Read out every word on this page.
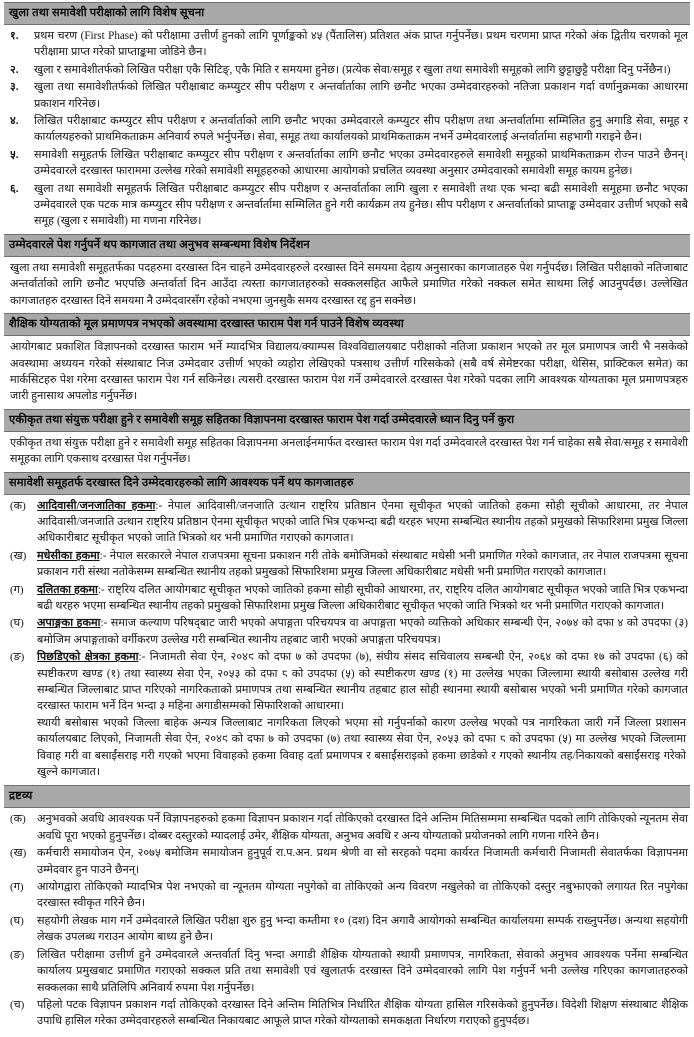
खुला तथा समावेशी परीक्षाको लागि विशेष सूचना
१.	प्रथम चरण (First Phase) को परीक्षामा उत्तीर्ण हुनको लागि पूर्णाङ्कको ४५ (पैंतालिस) प्रतिशत अंक प्राप्त गर्नुपर्नेछ। प्रथम चरणमा प्राप्त गरेको अंक द्वितीय चरणको मूल परीक्षामा प्राप्त गरेको प्राप्ताङ्कमा जोडिने छैन।
२.	खुला र समावेशीतर्फको लिखित परीक्षा एकै सिटिङ्, एकै मिति र समयमा हुनेछ। (प्रत्येक सेवा/समूह र खुला तथा समावेशी समूहको लागि छुट्टाछुट्टै परीक्षा दिनु पर्नेछैन।)
३.	खुला तथा समावेशीतर्फको लिखित परीक्षाबाट कम्प्युटर सीप परीक्षण र अन्तर्वार्ताका लागि छनौट भएका उम्मेदवारहरुको नतिजा प्रकाशन गर्दा वर्णानुक्रमका आधारमा प्रकाशन गरिनेछ।
४.	लिखित परीक्षाबाट कम्प्युटर सीप परीक्षण र अन्तर्वार्ताको लागि छनौट भएका उम्मेदवारले कम्प्युटर सीप परीक्षण तथा अन्तर्वार्तामा सम्मिलित हुनु अगाडि सेवा, समूह र कार्यालयहरुको प्राथमिकताक्रम अनिवार्य रुपले भर्नुपर्नेछ। सेवा, समूह तथा कार्यालयको प्राथमिकताक्रम नभर्ने उम्मेदवारलाई अन्तर्वार्तामा सहभागी गराइने छैन।
५.	समावेशी समूहतर्फ लिखित परीक्षाबाट कम्प्युटर सीप परीक्षण र अन्तर्वार्ताका लागि छनौट भएका उम्मेदवारहरुले समावेशी समूहको प्राथमिकताक्रम रोज्न पाउने छैनन्। उम्मेदवारले दरखास्त फाराममा उल्लेख गरेको समावेशी समूहहरुको आधारमा आयोगको प्रचलित व्यवस्था अनुसार उम्मेदवारको समावेशी समूह कायम हुनेछ।
६.	खुला तथा समावेशी समूहतर्फ लिखित परीक्षाबाट कम्प्युटर सीप परीक्षण र अन्तर्वार्ताका लागि खुला र समावेशी तथा एक भन्दा बढी समावेशी समूहमा छनौट भएका उम्मेदवारले एक पटक मात्र कम्प्युटर सीप परीक्षण र अन्तर्वार्तामा सम्मिलित हुने गरी कार्यक्रम तय हुनेछ। सीप परीक्षण र अन्तर्वार्ताको प्राप्ताङ्क उम्मेदवार उत्तीर्ण भएको सबै समूह (खुला र समावेशी) मा गणना गरिनेछ।
उम्मेदवारले पेश गर्नुपर्ने थप कागजात तथा अनुभव सम्बन्धमा विशेष निर्देशन

खुला तथा समावेशी समूहतर्फका पदहरुमा दरखास्त दिन चाहने उम्मेदवारहरुले दरखास्त दिने समयमा देहाय अनुसारका कागजातहरु पेश गर्नुपर्दछ। लिखित परीक्षाको नतिजाबाट अन्तर्वार्ताको लागि छनौट भएपछि अन्तर्वार्ता दिन आउँदा त्यस्ता कागजातहरुको सक्कलसहित आफैले प्रमाणित गरेको नक्कल समेत साथमा लिई आउनुपर्दछ। उल्लेखित कागजातहरु दरखास्त दिने समयमा नै उम्मेदवारसँग रहेको नभएमा जुनसुकै समय दरखास्त रद्द हुन सक्नेछ।

शैक्षिक योग्यताको मूल प्रमाणपत्र नभएको अवस्थामा दरखास्त फाराम पेश गर्न पाउने विशेष व्यवस्था

आयोगबाट प्रकाशित विज्ञापनको दरखास्त फाराम भर्ने म्यादभित्र विद्यालय/क्याम्पस विश्वविद्यालयबाट परीक्षाको नतिजा प्रकाशन भएको तर मूल प्रमाणपत्र जारी भै नसकेको अवस्थामा अध्ययन गरेको संस्थाबाट निज उम्मेदवार उत्तीर्ण भएको व्यहोरा लेखिएको पत्रसाथ उत्तीर्ण गरिसकेको (सबै वर्ष सेमेष्टरका परीक्षा, थेसिस, प्राक्टिकल समेत) का मार्कसिटहरु पेश गरेमा दरखास्त फाराम पेश गर्न सकिनेछ। त्यसरी दरखास्त फाराम पेश गर्ने उम्मेदवारले दरखास्त पेश गरेको पदका लागि आवश्यक योग्यताका मूल प्रमाणपत्रहरु जारी हुनासाथ अपलोड गर्नुपर्नेछ।

एकीकृत तथा संयुक्त परीक्षा हुने र समावेशी समूह सहितका विज्ञापनमा दरखास्त फाराम पेश गर्दा उम्मेदवारले ध्यान दिनु पर्ने कुरा

एकीकृत तथा संयुक्त परीक्षा हुने र समावेशी समूह सहितका विज्ञापनमा अनलाईनमार्फत दरखास्त फाराम पेश गर्दा उम्मेदवारले दरखास्त पेश गर्न चाहेका सबै सेवा/समूह र समावेशी समूहका लागि एकसाथ दरखास्त पेश गर्नुपर्नेछ।

समावेशी समूहतर्फ दरखास्त दिने उम्मेदवारहरुको लागि आवश्यक पर्ने थप कागजातहरु
(क)	आदिवासी/जनजातिका हकमा:- नेपाल आदिवासी/जनजाति उत्थान राष्ट्रिय प्रतिष्ठान ऐनमा सूचीकृत भएको जातिको हकमा सोही सूचीको आधारमा, तर नेपाल आदिवासी/जनजाति उत्थान राष्ट्रिय प्रतिष्ठान ऐनमा सूचीकृत भएको जाति भित्र एकभन्दा बढी थरहरु भएमा सम्बन्धित स्थानीय तहको प्रमुखको सिफारिशमा प्रमुख जिल्ला अधिकारीबाट सूचीकृत भएको जाति भित्रको थर भनी प्रमाणित गराएको कागजात।
(ख) मधेसीका हकमा:- नेपाल सरकारले नेपाल राजपत्रमा सूचना प्रकाशन गरी तोके बमोजिमको संस्थाबाट मधेसी भनी प्रमाणित गरेको कागजात, तर नेपाल राजपत्रमा सूचना प्रकाशन गरी संस्था नतोकेसम्म सम्बन्धित स्थानीय तहको प्रमुखको सिफारिशमा प्रमुख जिल्ला अधिकारीबाट मधेसी भनी प्रमाणित गराएको कागजात।
(ग)	दलितका हकमा:- राष्ट्रिय दलित आयोगबाट सूचीकृत भएको जातिको हकमा सोही सूचीको आधारमा, तर, राष्ट्रिय दलित आयोगबाट सूचीकृत भएको जाति भित्र एकभन्दा बढी थरहरु भएमा सम्बन्धित स्थानीय तहको प्रमुखको सिफारिशमा प्रमुख जिल्ला अधिकारीबाट सूचीकृत भएको जाति भित्रको थर भनी प्रमाणित गराएको कागजात।
(घ)	अपाङ्गका हकमा:- समाज कल्याण परिषद्‌बाट जारी भएको अपाङ्गता परिचयपत्र वा अपाङ्गता भएको व्यक्तिको अधिकार सम्बन्धी ऐन, २०७४ को दफा ४ को उपदफा (३) बमोजिम अपाङ्गताको वर्गीकरण उल्लेख गरी सम्बन्धित स्थानीय तहबाट जारी भएको अपाङ्गता परिचयपत्र।
(ङ)	पिछडिएको क्षेत्रका हकमा:- निजामती सेवा ऐन, २०४९ को दफा ७ को उपदफा (७), संघीय संसद सचिवालय सम्बन्धी ऐन, २०६४ को दफा १७ को उपदफा (६) को स्पष्टीकरण खण्ड (१) तथा स्वास्थ्य सेवा ऐन, २०५३ को दफा ८ को उपदफा (५) को स्पष्टीकरण खण्ड (१) मा उल्लेख भएका जिल्लामा स्थायी बसोबास उल्लेख गरी सम्बन्धित जिल्लाबाट प्राप्त गरिएको नागरिकताको प्रमाणपत्र तथा सम्बन्धित स्थानीय तहबाट हाल सोही स्थानमा स्थायी बसोबास भएको भनी प्रमाणित गरेको कागजात दरखास्त फाराम भर्ने दिन भन्दा ३ महिना अगाडीसम्मको सिफारिशको आधारमा।
स्थायी बसोबास भएको जिल्ला बाहेक अन्यत्र जिल्लाबाट नागरिकता लिएको भएमा सो गर्नुपर्नाको कारण उल्लेख भएको पत्र नागरिकता जारी गर्ने जिल्ला प्रशासन कार्यालयबाट लिएको, निजामती सेवा ऐन, २०४९ को दफा ७ को उपदफा (७) तथा स्वास्थ्य सेवा ऐन, २०५३ को दफा ८ को उपदफा (५) मा उल्लेख भएको जिल्लामा विवाह गरी वा बसाईंसराइ गरी गएको भएमा विवाहको हकमा विवाह दर्ता प्रमाणपत्र र बसाईंसराइको हकमा छाडेको र गएको स्थानीय तह/निकायको बसाईंसराइ गरेको खुल्ने कागजात।
द्रष्टव्य
(क)	अनुभवको अवधि आवश्यक पर्ने विज्ञापनहरुको हकमा विज्ञापन प्रकाशन गर्दा तोकिएको दरखास्त दिने अन्तिम मितिसम्ममा सम्बन्धित पदको लागि तोकिएको न्यूनतम सेवा अवधि पूरा भएको हुनुपर्नेछ। दोब्बर दस्तुरको म्यादलाई उमेर, शैक्षिक योग्यता, अनुभव अवधि र अन्य योग्यताको प्रयोजनको लागि गणना गरिने छैन।
(ख) कर्मचारी समायोजन ऐन, २०७५ बमोजिम समायोजन हुनुपूर्व रा.प.अन. प्रथम श्रेणी वा सो सरहको पदमा कार्यरत निजामती कर्मचारी निजामती सेवातर्फका विज्ञापनमा उम्मेदवार हुन पाउने छैनन्।
(ग)	आयोगद्वारा तोकिएको म्यादभित्र पेश नभएको वा न्यूनतम योग्यता नपुगेको वा तोकिएको अन्य विवरण नखुलेको वा तोकिएको दस्तुर नबुझाएको लगायत रित नपुगेका दरखास्त स्वीकृत गरिने छैन।
(घ)	सहयोगी लेखक माग गर्ने उम्मेदवारले लिखित परीक्षा शुरु हुनु भन्दा कम्तीमा १० (दश) दिन अगावै आयोगको सम्बन्धित कार्यालयमा सम्पर्क राख्नुपर्नेछ। अन्यथा सहयोगी लेखक उपलब्ध गराउन आयोग बाध्य हुने छैन।
(ङ)	लिखित परीक्षामा उत्तीर्ण हुने उम्मेदवारले अन्तर्वार्ता दिनु भन्दा अगाडी शैक्षिक योग्यताको स्थायी प्रमाणपत्र, नागरिकता, सेवाको अनुभव आवश्यक पर्नेमा सम्बन्धित कार्यालय प्रमुखबाट प्रमाणित गराएको सक्कल प्रति तथा समावेशी एवं खुलातर्फ दरखास्त दिने उम्मेदवारको लागि पेश गर्नुपर्ने भनी उल्लेख गरिएका कागजातहरुको सक्कलका साथै प्रतिलिपि अनिवार्य रुपमा पेश गर्नुपर्नेछ।
(च)	पहिलो पटक विज्ञापन प्रकाशन गर्दा तोकिएको दरखास्त दिने अन्तिम मितिभित्र निर्धारित शैक्षिक योग्यता हासिल गरिसकेको हुनुपर्नेछ। विदेशी शिक्षण संस्थाबाट शैक्षिक उपाधि हासिल गरेका उम्मेदवारहरुले सम्बन्धित निकायबाट आफूले प्राप्त गरेको योग्यताको समकक्षता निर्धारण गराएको हुनुपर्दछ।
